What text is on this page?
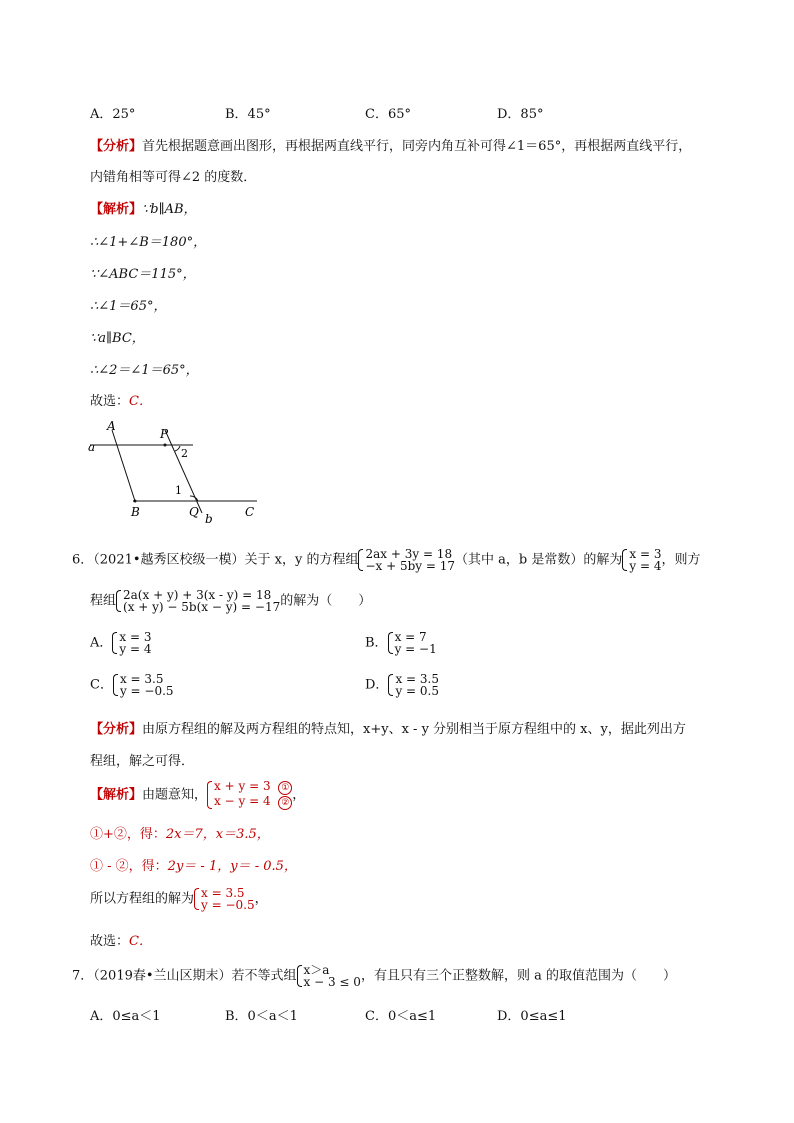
A．25°	B．45°	C．65°	D．85°
【分析】首先根据题意画出图形，再根据两直线平行，同旁内角互补可得∠1＝65°，再根据两直线平行，
内错角相等可得∠2 的度数．
【解析】∵b∥AB，
∴∠1+∠B＝180°，
∵∠ABC＝115°，
∴∠1＝65°，
∵a∥BC，
∴∠2＝∠1＝65°，
故选：C．
A
P
a	2
1
B	Q b	C
6．（2021•越秀区校级一模）关于 x，y 的方程组 2ax + 3y = 18
−x + 5by = 17 （其中 a，b 是常数）的解为 x = 3
y = 4 ，则方
程组 2a(x + y) + 3(x - y) = 18
(x + y) − 5b(x − y) = −17 的解为（　　）
A． x = 3
y = 4	B． x = 7
y = −1
C． x = 3.5
y = −0.5	D． x = 3.5
y = 0.5
【分析】由原方程组的解及两方程组的特点知，x+y、x - y 分别相当于原方程组中的 x、y，据此列出方
程组，解之可得．
【解析】由题意知，
x + y = 3 ①
x − y = 4 ②
，
①+②，得：2x＝7，x＝3.5，
① - ②，得：2y＝ - 1，y＝ - 0.5，
所以方程组的解为 x = 3.5
y = −0.5 ，
故选：C．
7．（2019春•兰山区期末）若不等式组 x＞a
x − 3 ≤ 0 ，有且只有三个正整数解，则 a 的取值范围为（　　）
A．0≤a＜1	B．0＜a＜1	C．0＜a≤1	D．0≤a≤1
